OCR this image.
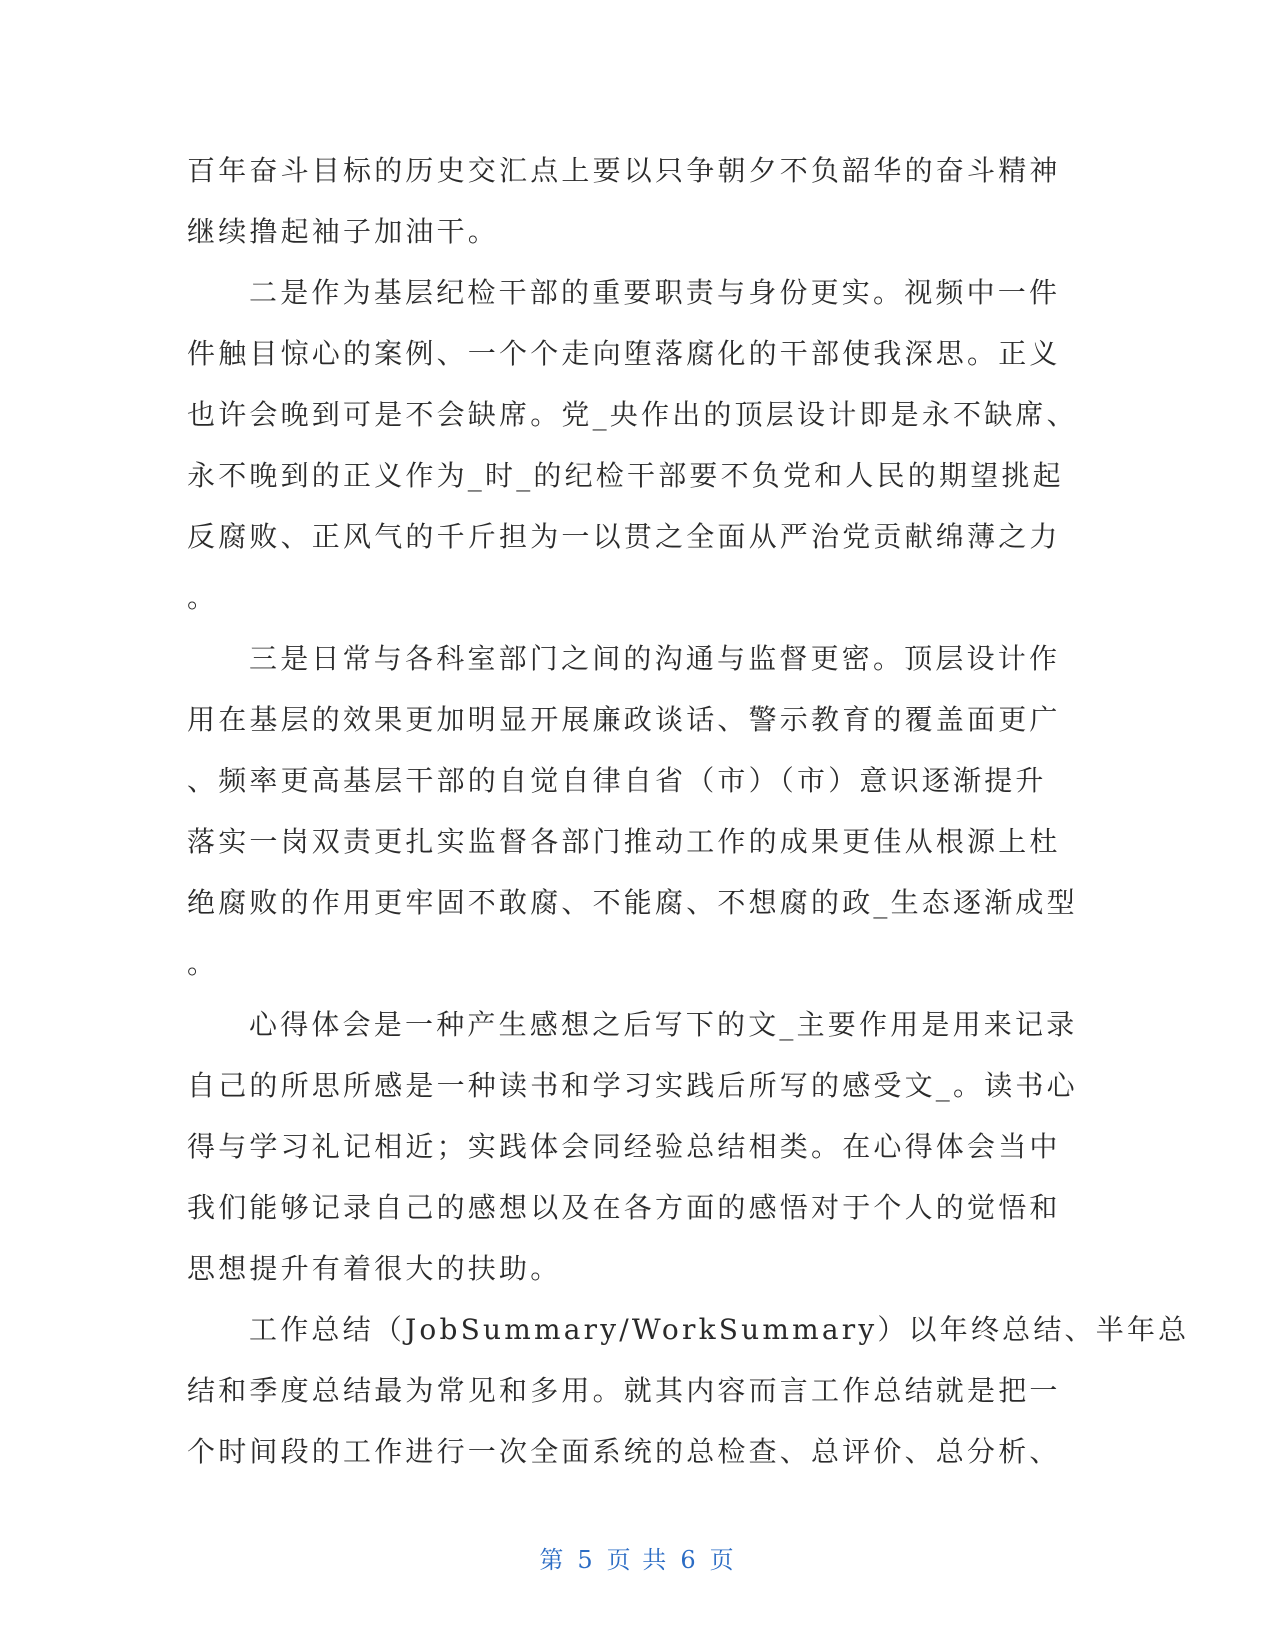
百年奋斗目标的历史交汇点上要以只争朝夕不负韶华的奋斗精神
继续撸起袖子加油干。
二是作为基层纪检干部的重要职责与身份更实。视频中一件
件触目惊心的案例、一个个走向堕落腐化的干部使我深思。正义
也许会晚到可是不会缺席。党_央作出的顶层设计即是永不缺席、
永不晚到的正义作为_时_的纪检干部要不负党和人民的期望挑起
反腐败、正风气的千斤担为一以贯之全面从严治党贡献绵薄之力
。
三是日常与各科室部门之间的沟通与监督更密。顶层设计作
用在基层的效果更加明显开展廉政谈话、警示教育的覆盖面更广
、频率更高基层干部的自觉自律自省（市）（市）意识逐渐提升
落实一岗双责更扎实监督各部门推动工作的成果更佳从根源上杜
绝腐败的作用更牢固不敢腐、不能腐、不想腐的政_生态逐渐成型
。
心得体会是一种产生感想之后写下的文_主要作用是用来记录
自己的所思所感是一种读书和学习实践后所写的感受文_。读书心
得与学习礼记相近；实践体会同经验总结相类。在心得体会当中
我们能够记录自己的感想以及在各方面的感悟对于个人的觉悟和
思想提升有着很大的扶助。
工作总结（JobSummary/WorkSummary）以年终总结、半年总
结和季度总结最为常见和多用。就其内容而言工作总结就是把一
个时间段的工作进行一次全面系统的总检查、总评价、总分析、
第 5 页 共 6 页
